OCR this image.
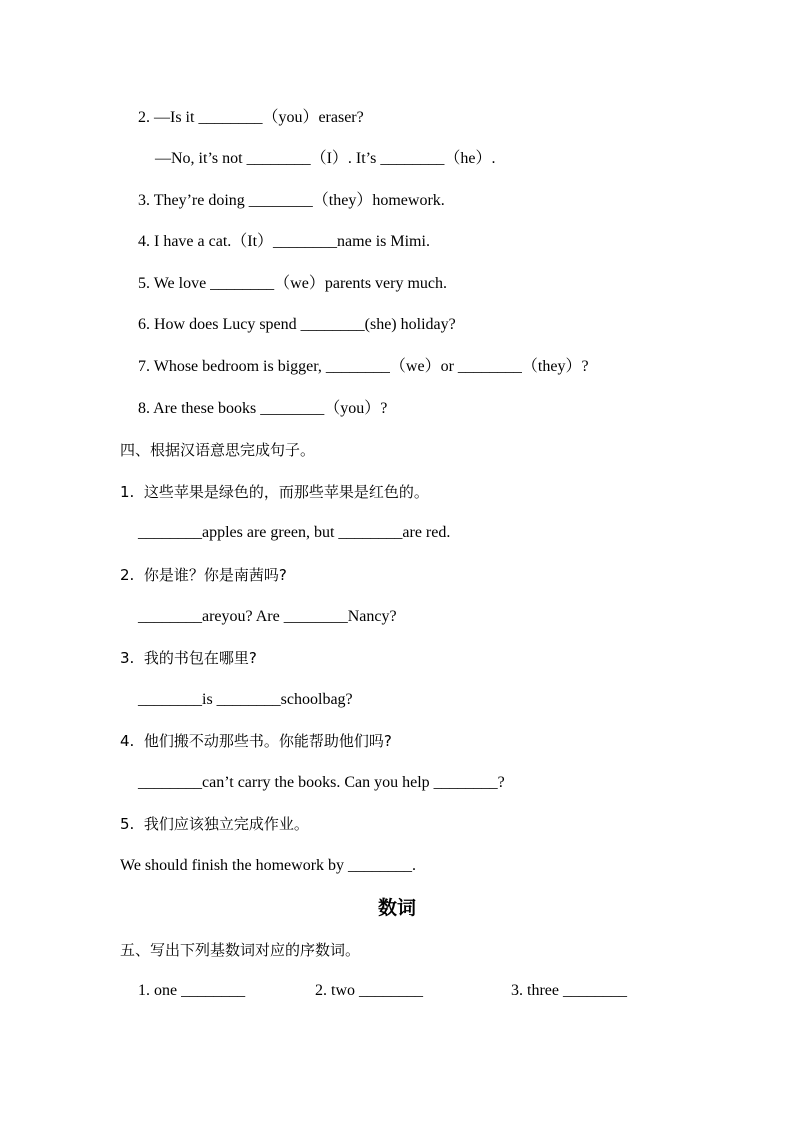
2. —Is it ________（you）eraser?
—No, it’s not ________（I）. It’s ________（he）.
3. They’re doing ________（they）homework.
4. I have a cat.（It）________name is Mimi.
5. We love ________（we）parents very much.
6. How does Lucy spend ________(she) holiday?
7. Whose bedroom is bigger, ________（we）or ________（they）?
8. Are these books ________（you）?
四、根据汉语意思完成句子。
1.  这些苹果是绿色的，而那些苹果是红色的。
________apples are green, but ________are red.
2.  你是谁？你是南茜吗?
________areyou? Are ________Nancy?
3.  我的书包在哪里?
________is ________schoolbag?
4.  他们搬不动那些书。你能帮助他们吗?
________can’t carry the books. Can you help ________?
5.  我们应该独立完成作业。
We should finish the homework by ________.
数词
五、写出下列基数词对应的序数词。
1. one ________	2. two ________	3. three ________
